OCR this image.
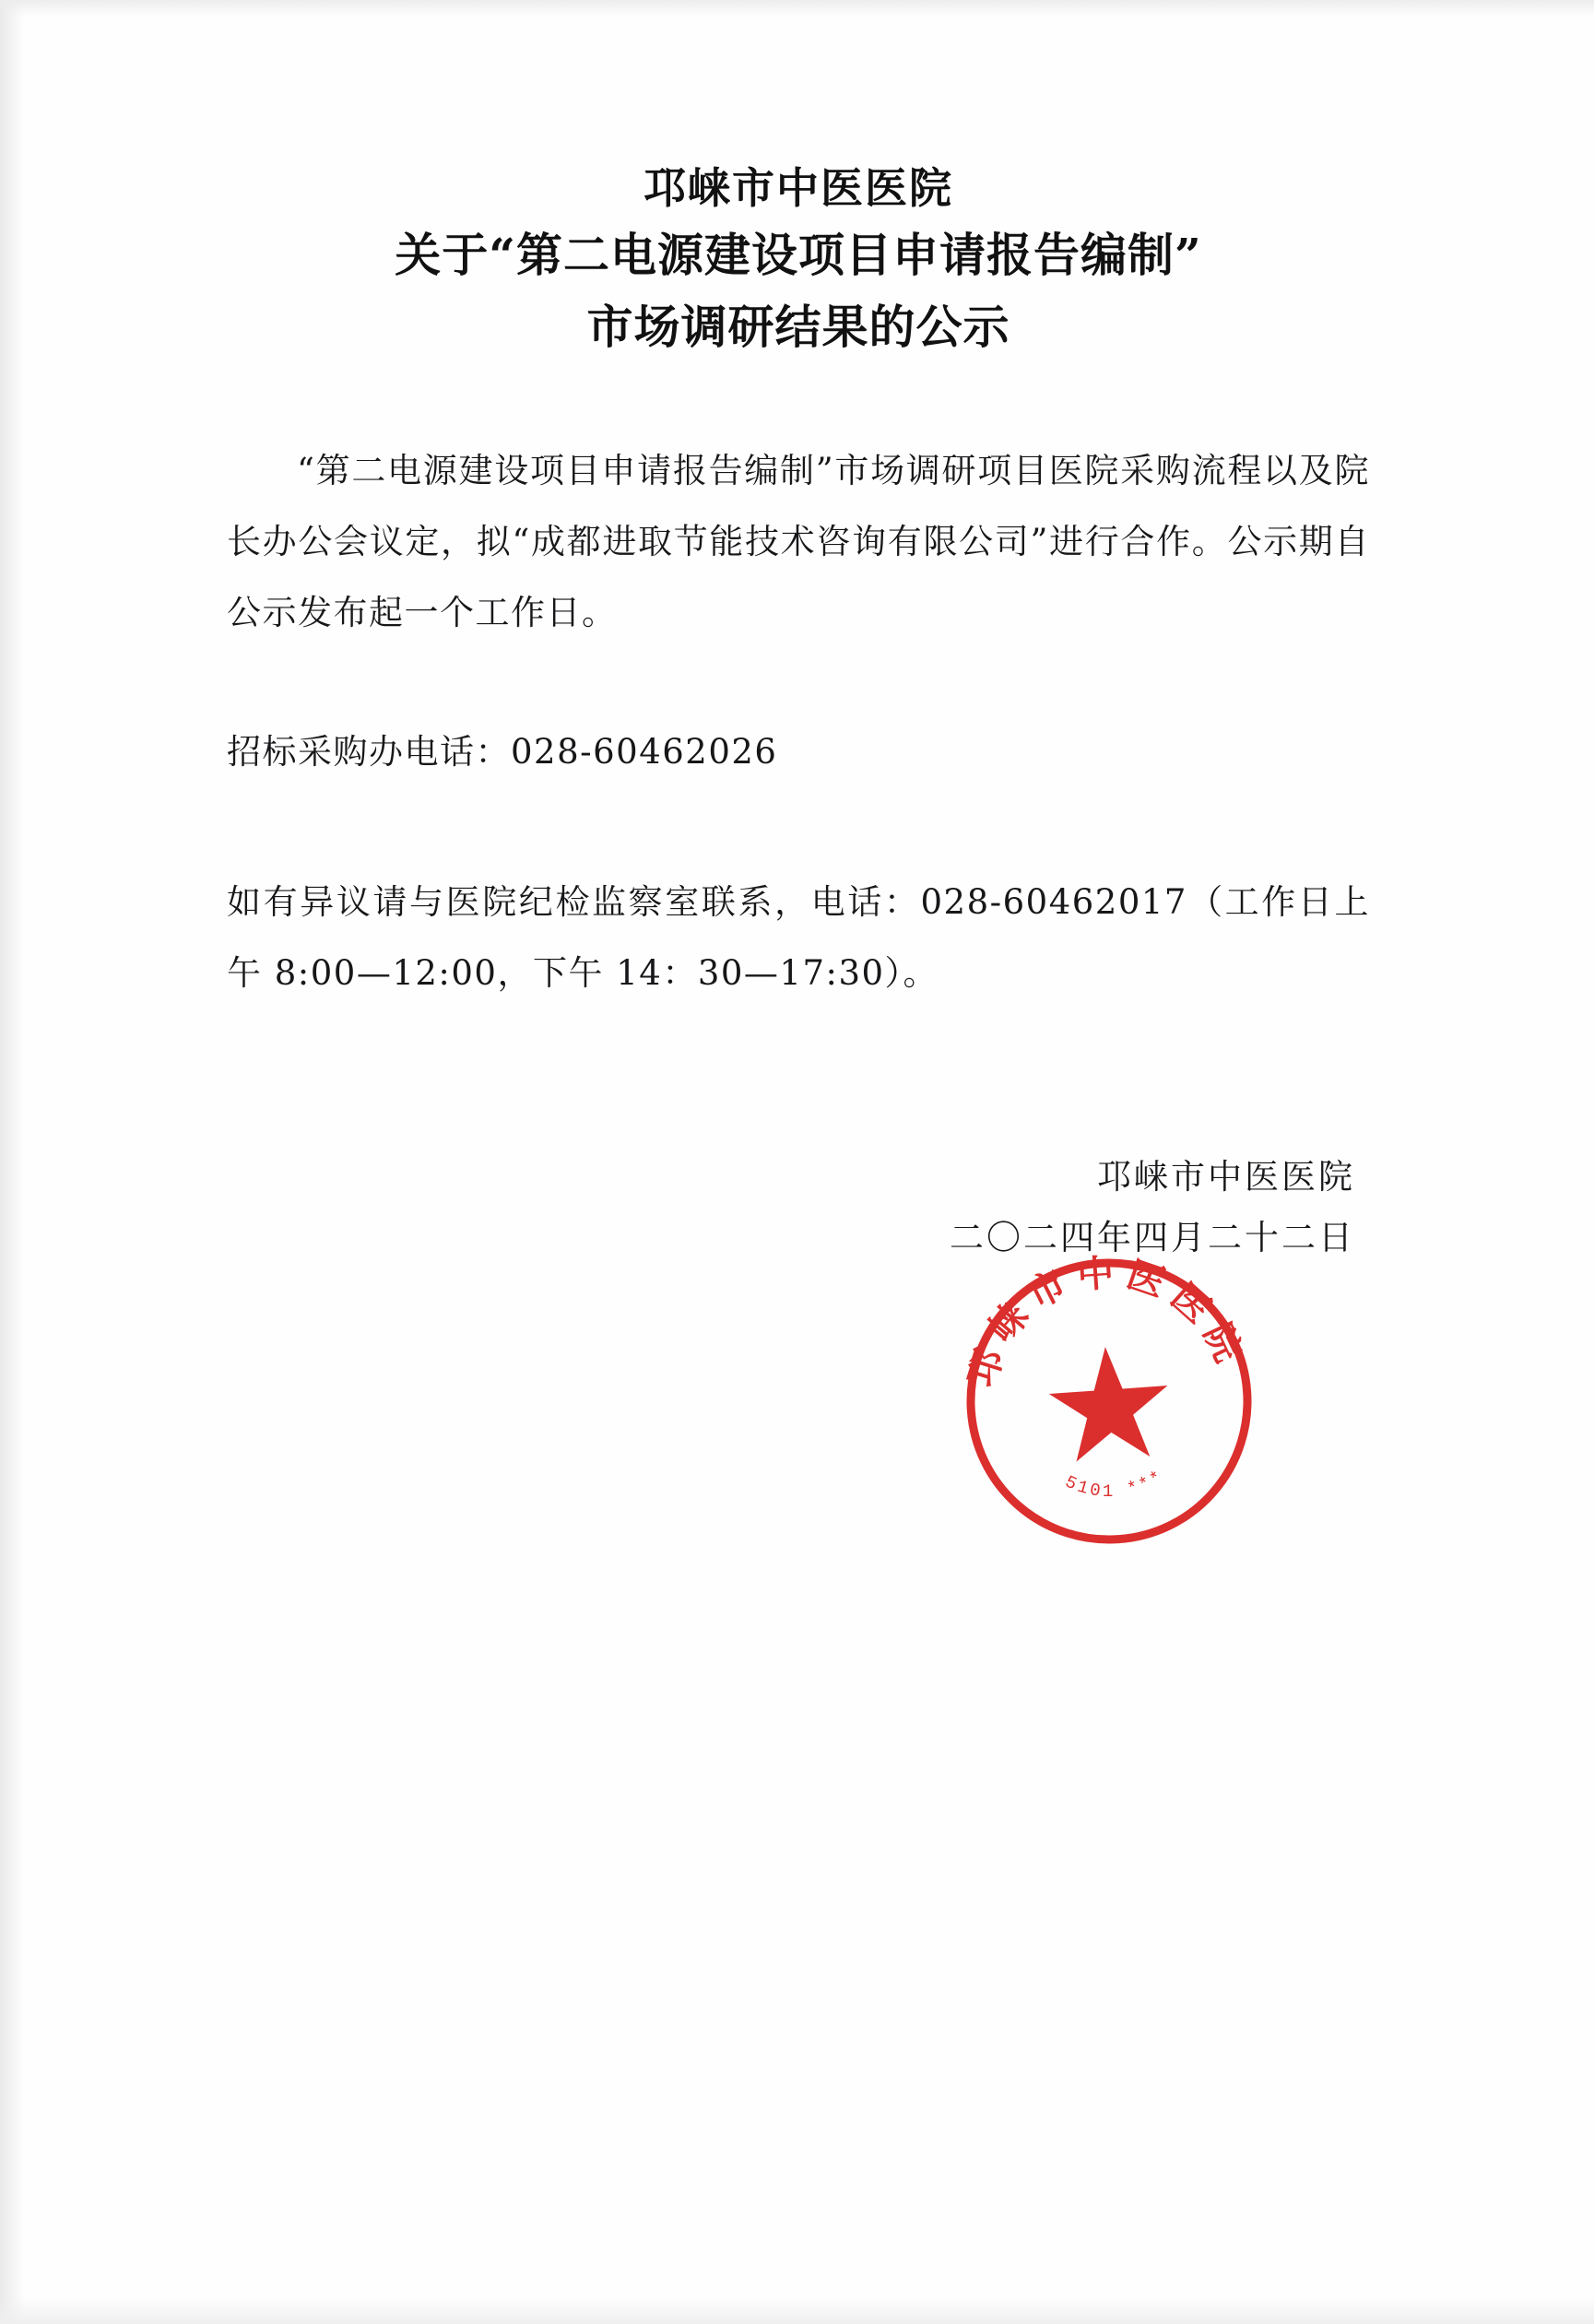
邛崃市中医医院
关于“第二电源建设项目申请报告编制”
市场调研结果的公示

“第二电源建设项目申请报告编制”市场调研项目医院采购流程以及院长办公会议定，拟“成都进取节能技术咨询有限公司”进行合作。公示期自公示发布起一个工作日。

招标采购办电话：028-60462026

如有异议请与医院纪检监察室联系，电话：028-60462017（工作日上午 8:00—12:00，下午 14：30—17:30）。

邛崃市中医医院
二〇二四年四月二十二日
邛崃市中医医院
5101 ***
